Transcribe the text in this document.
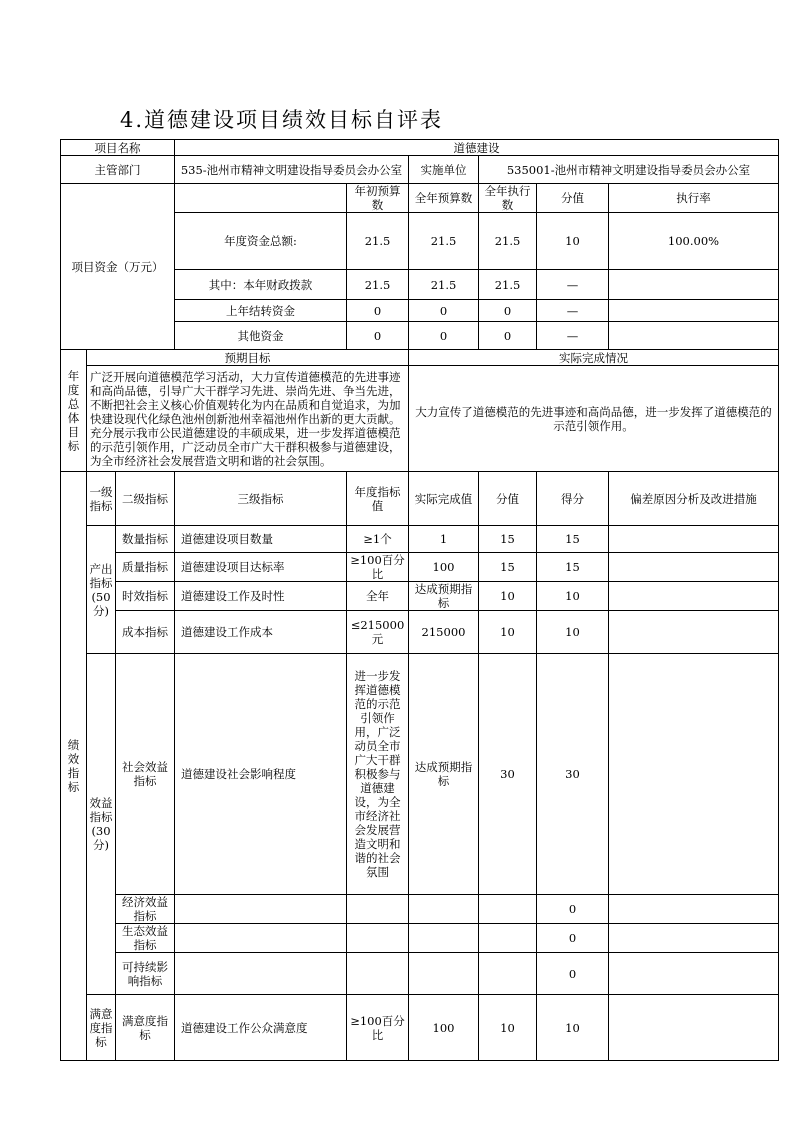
4.道德建设项目绩效目标自评表
项目名称			道德建设						
主管部门			535-池州市精神文明建设指导委员会办公室		实施单位	535001-池州市精神文明建设指导委员会办公室			
项目资金（万元）				年初预算数	全年预算数	全年执行数	分值	执行率	
			年度资金总额:	21.5	21.5	21.5	10	100.00%	
			其中：本年财政拨款	21.5	21.5	21.5	—		
			上年结转资金	0	0	0	—		
			其他资金	0	0	0	—		
年度总体目标	预期目标				实际完成情况				
	广泛开展向道德模范学习活动，大力宣传道德模范的先进事迹和高尚品德，引导广大干群学习先进、崇尚先进、争当先进，不断把社会主义核心价值观转化为内在品质和自觉追求，为加快建设现代化绿色池州创新池州幸福池州作出新的更大贡献。充分展示我市公民道德建设的丰硕成果，进一步发挥道德模范的示范引领作用，广泛动员全市广大干群积极参与道德建设，为全市经济社会发展营造文明和谐的社会氛围。				大力宣传了道德模范的先进事迹和高尚品德，进一步发挥了道德模范的示范引领作用。				
绩效指标	一级指标	二级指标	三级指标	年度指标值	实际完成值	分值	得分	偏差原因分析及改进措施	
	产出指标(50分)	数量指标	道德建设项目数量	≥1个	1	15	15		
		质量指标	道德建设项目达标率	≥100百分比	100	15	15		
		时效指标	道德建设工作及时性	全年	达成预期指标	10	10		
		成本指标	道德建设工作成本	≤215000元	215000	10	10		
	效益指标(30分)	社会效益指标	道德建设社会影响程度	进一步发挥道德模范的示范引领作用，广泛动员全市广大干群积极参与道德建设，为全市经济社会发展营造文明和谐的社会氛围	达成预期指标	30	30		
		经济效益指标					0		
		生态效益指标					0		
		可持续影响指标					0		
	满意度指标	满意度指标	道德建设工作公众满意度	≥100百分比	100	10	10		
